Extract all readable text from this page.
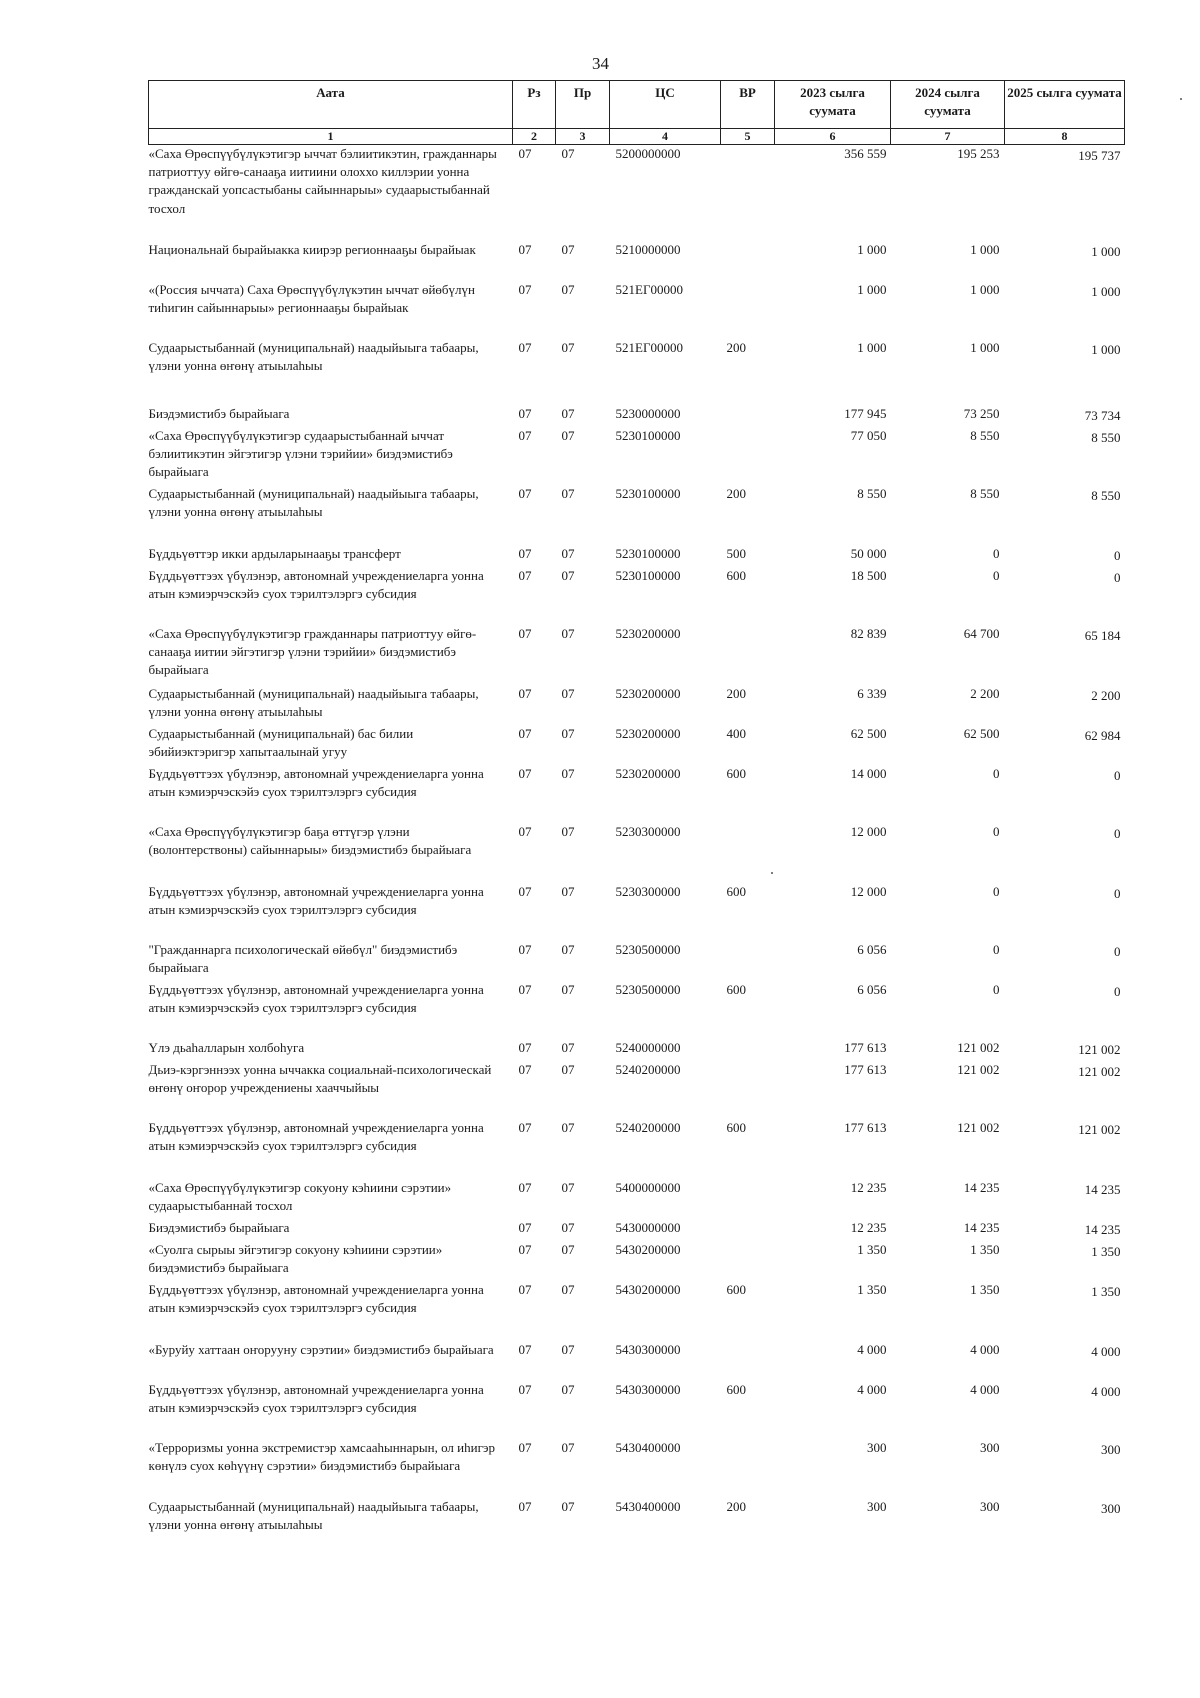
34
Аата	Рз	Пр	ЦС	ВР	2023 сылга суумата	2024 сылга суумата	2025 сылга суумата
1	2	3	4	5	6	7	8
«Саха Өрөспүүбүлүкэтигэр ыччат бэлиитикэтин, гражданнары патриоттуу өйгө-санааҕа иитиини олоххо киллэрии уонна гражданскай уопсастыбаны сайыннарыы» судаарыстыбаннай тосхол	07	07	5200000000		356 559	195 253	195 737
Национальнай бырайыакка киирэр регионнааҕы бырайыак	07	07	5210000000		1 000	1 000	1 000
«(Россия ыччата) Саха Өрөспүүбүлүкэтин ыччат өйөбүлүн тиһигин сайыннарыы» регионнааҕы бырайыак	07	07	521ЕГ00000		1 000	1 000	1 000
Судаарыстыбаннай (муниципальнай) наадыйыыга табаары, үлэни уонна өҥөнү атыылаһыы	07	07	521ЕГ00000	200	1 000	1 000	1 000
Биэдэмистибэ бырайыага	07	07	5230000000		177 945	73 250	73 734
«Саха Өрөспүүбүлүкэтигэр судаарыстыбаннай ыччат бэлиитикэтин эйгэтигэр үлэни тэрийии» биэдэмистибэ бырайыага	07	07	5230100000		77 050	8 550	8 550
Судаарыстыбаннай (муниципальнай) наадыйыыга табаары, үлэни уонна өҥөнү атыылаһыы	07	07	5230100000	200	8 550	8 550	8 550
Бүддьүөттэр икки ардыларынааҕы трансферт	07	07	5230100000	500	50 000	0	0
Бүддьүөттээх үбүлэнэр, автономнай учреждениеларга уонна атын кэмиэрчэскэйэ суох тэрилтэлэргэ субсидия	07	07	5230100000	600	18 500	0	0
«Саха Өрөспүүбүлүкэтигэр гражданнары патриоттуу өйгө-санааҕа иитии эйгэтигэр үлэни тэрийии» биэдэмистибэ бырайыага	07	07	5230200000		82 839	64 700	65 184
Судаарыстыбаннай (муниципальнай) наадыйыыга табаары, үлэни уонна өҥөнү атыылаһыы	07	07	5230200000	200	6 339	2 200	2 200
Судаарыстыбаннай (муниципальнай) бас билии эбийиэктэригэр хапытаалынай угуу	07	07	5230200000	400	62 500	62 500	62 984
Бүддьүөттээх үбүлэнэр, автономнай учреждениеларга уонна атын кэмиэрчэскэйэ суох тэрилтэлэргэ субсидия	07	07	5230200000	600	14 000	0	0
«Саха Өрөспүүбүлүкэтигэр баҕа өттүгэр үлэни (волонтерствоны) сайыннарыы» биэдэмистибэ бырайыага	07	07	5230300000		12 000	0	0
Бүддьүөттээх үбүлэнэр, автономнай учреждениеларга уонна атын кэмиэрчэскэйэ суох тэрилтэлэргэ субсидия	07	07	5230300000	600	12 000	0	0
"Гражданнарга психологическай өйөбүл" биэдэмистибэ бырайыага	07	07	5230500000		6 056	0	0
Бүддьүөттээх үбүлэнэр, автономнай учреждениеларга уонна атын кэмиэрчэскэйэ суох тэрилтэлэргэ субсидия	07	07	5230500000	600	6 056	0	0
Үлэ дьаһалларын холбоһуга	07	07	5240000000		177 613	121 002	121 002
Дьиэ-кэргэннээх уонна ыччакка социальнай-психологическай өҥөнү оҥорор учреждениены хааччыйыы	07	07	5240200000		177 613	121 002	121 002
Бүддьүөттээх үбүлэнэр, автономнай учреждениеларга уонна атын кэмиэрчэскэйэ суох тэрилтэлэргэ субсидия	07	07	5240200000	600	177 613	121 002	121 002
«Саха Өрөспүүбүлүкэтигэр сокуону кэһиини сэрэтии» судаарыстыбаннай тосхол	07	07	5400000000		12 235	14 235	14 235
Биэдэмистибэ бырайыага	07	07	5430000000		12 235	14 235	14 235
«Суолга сырыы эйгэтигэр сокуону кэһиини сэрэтии» биэдэмистибэ бырайыага	07	07	5430200000		1 350	1 350	1 350
Бүддьүөттээх үбүлэнэр, автономнай учреждениеларга уонна атын кэмиэрчэскэйэ суох тэрилтэлэргэ субсидия	07	07	5430200000	600	1 350	1 350	1 350
«Буруйу хаттаан оҥорууну сэрэтии» биэдэмистибэ бырайыага	07	07	5430300000		4 000	4 000	4 000
Бүддьүөттээх үбүлэнэр, автономнай учреждениеларга уонна атын кэмиэрчэскэйэ суох тэрилтэлэргэ субсидия	07	07	5430300000	600	4 000	4 000	4 000
«Терроризмы уонна экстремистэр хамсааһыннарын, ол иһигэр көнүлэ суох көһүүнү сэрэтии» биэдэмистибэ бырайыага	07	07	5430400000		300	300	300
Судаарыстыбаннай (муниципальнай) наадыйыыга табаары, үлэни уонна өҥөнү атыылаһыы	07	07	5430400000	200	300	300	300
